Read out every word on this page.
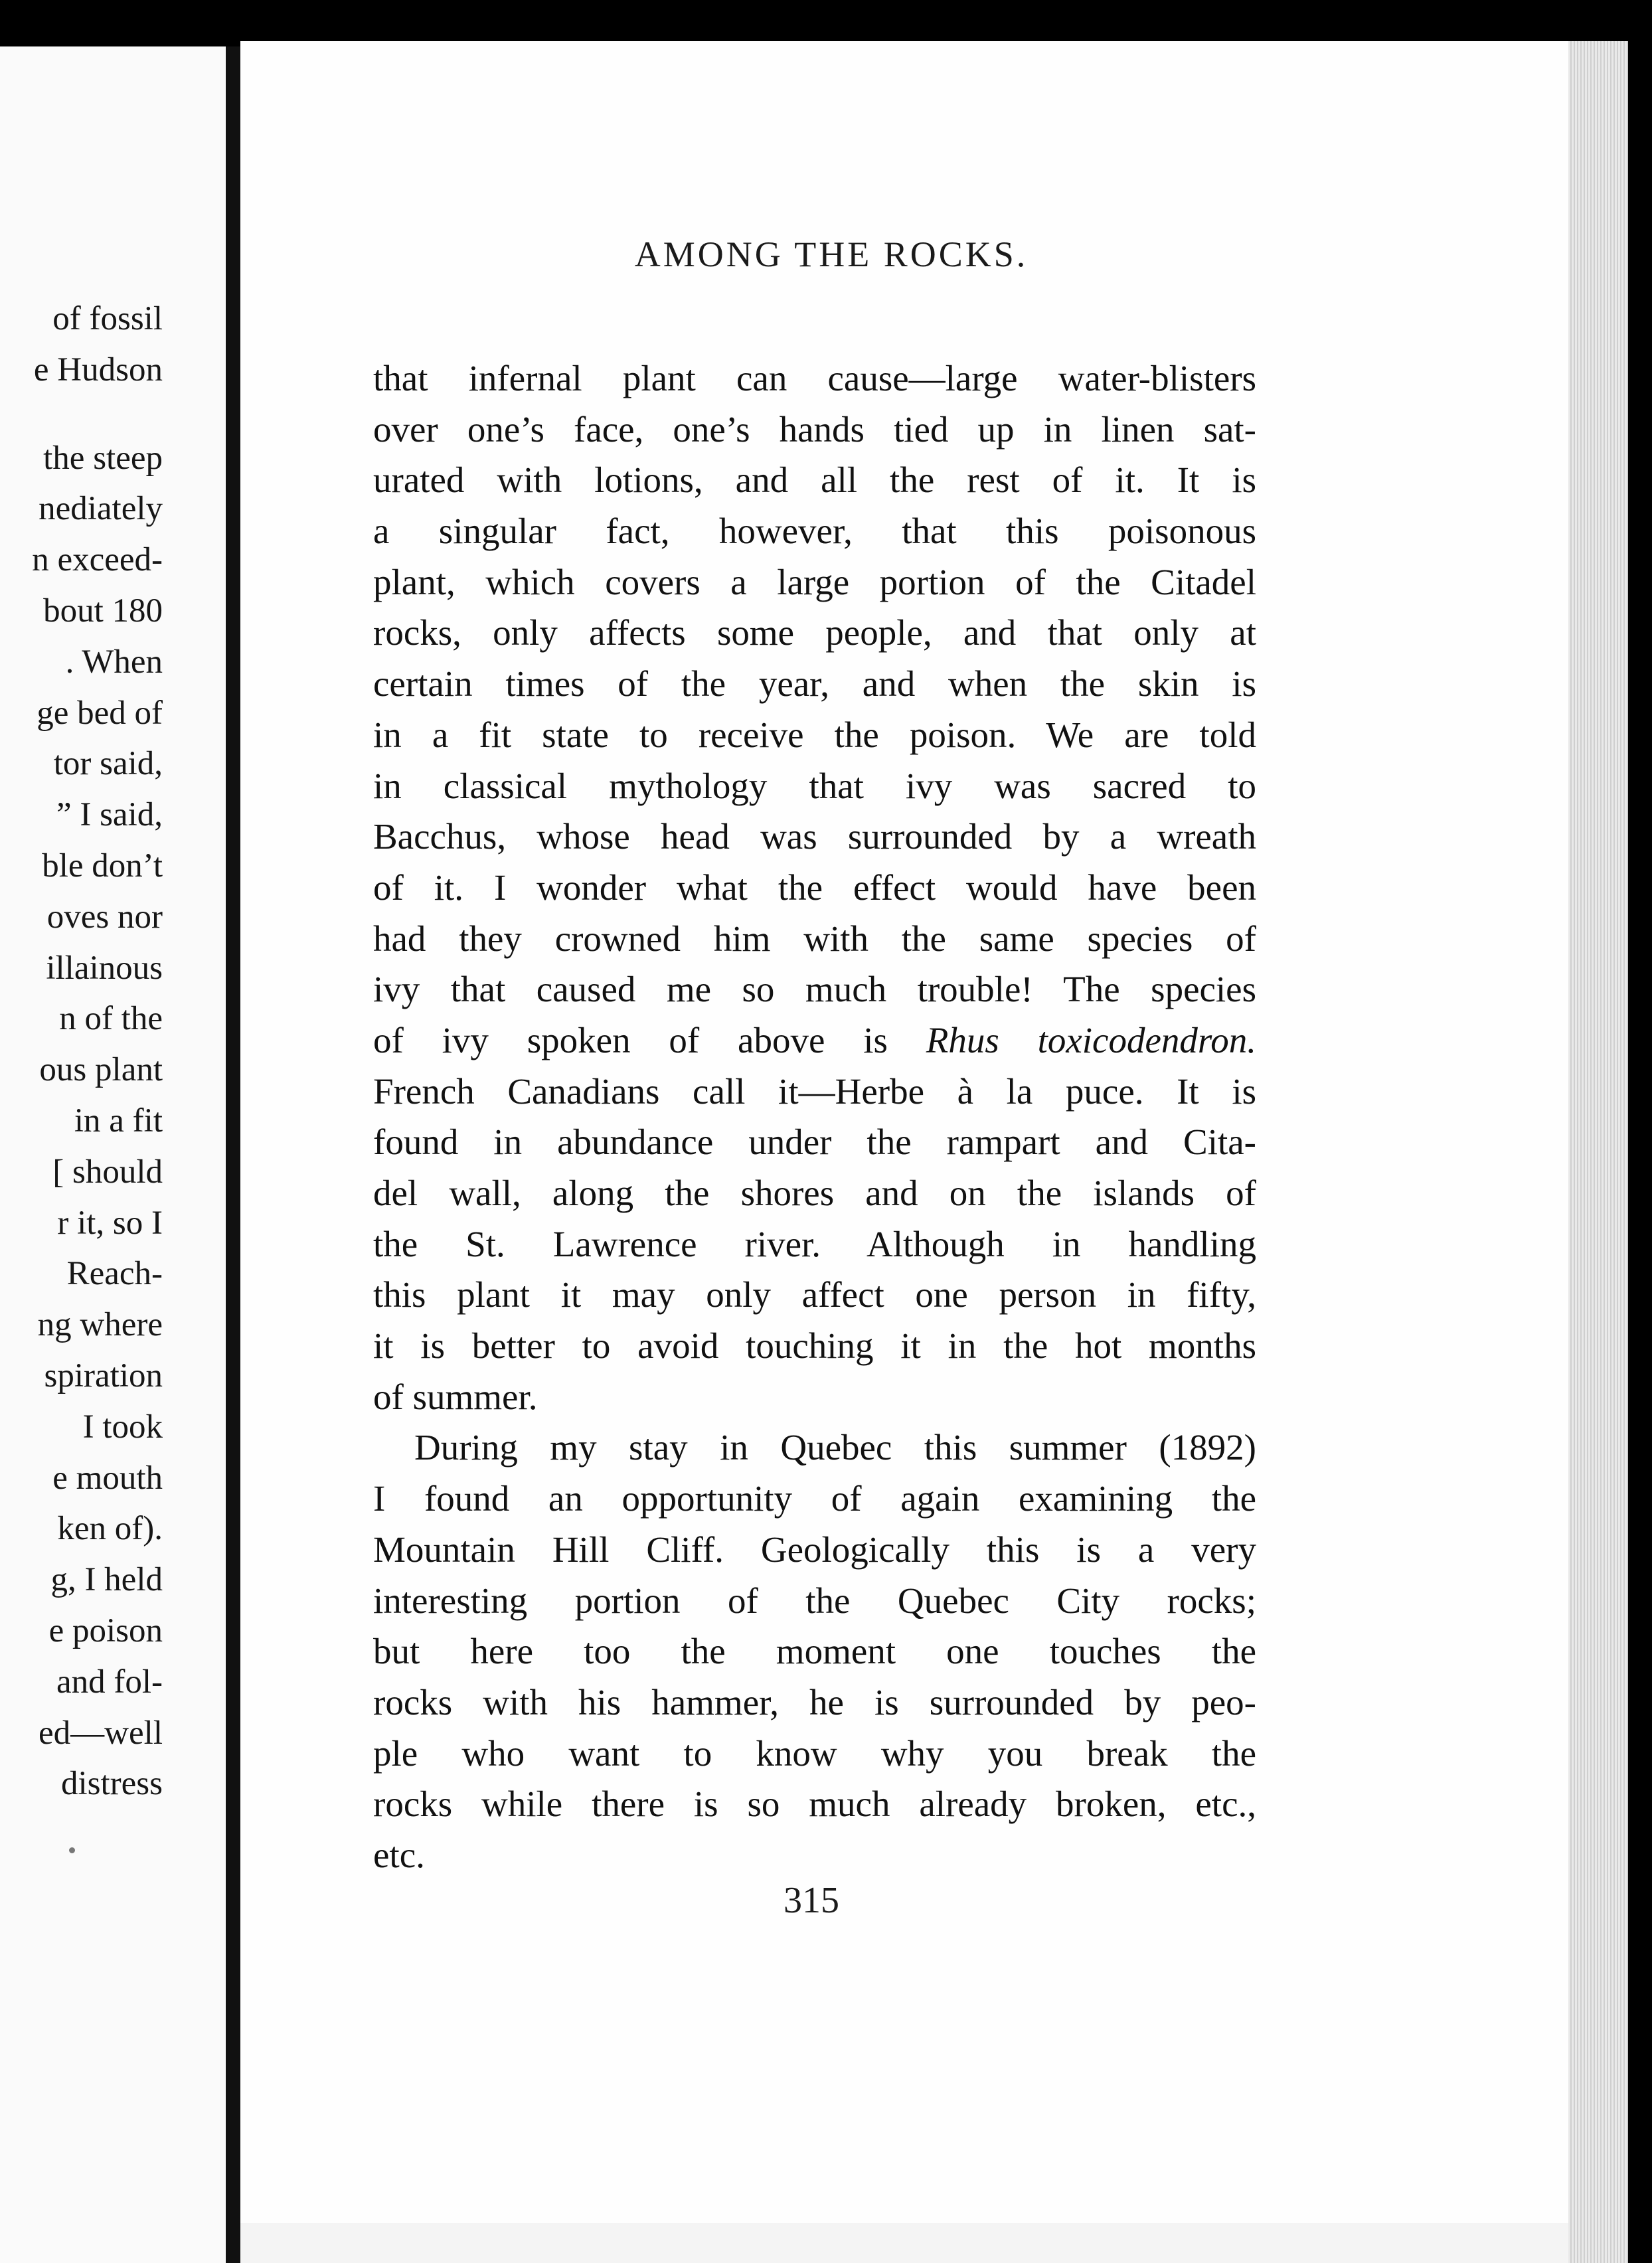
of fossil
e Hudson
the steep
nediately
n exceed-
bout 180
. When
ge bed of
tor said,
” I said,
ble don’t
oves nor
illainous
n of the
ous plant
in a fit
[ should
r it, so I
Reach-
ng where
spiration
I took
e mouth
ken of).
g, I held
e poison
and fol-
ed—well
distress
AMONG THE ROCKS.
that infernal plant can cause—large water-blisters
over one’s face, one’s hands tied up in linen sat-
urated with lotions, and all the rest of it. It is
a singular fact, however, that this poisonous
plant, which covers a large portion of the Citadel
rocks, only affects some people, and that only at
certain times of the year, and when the skin is
in a fit state to receive the poison. We are told
in classical mythology that ivy was sacred to
Bacchus, whose head was surrounded by a wreath
of it. I wonder what the effect would have been
had they crowned him with the same species of
ivy that caused me so much trouble! The species
of ivy spoken of above is Rhus toxicodendron.
French Canadians call it—Herbe à la puce. It is
found in abundance under the rampart and Cita-
del wall, along the shores and on the islands of
the St. Lawrence river. Although in handling
this plant it may only affect one person in fifty,
it is better to avoid touching it in the hot months
of summer.
During my stay in Quebec this summer (1892)
I found an opportunity of again examining the
Mountain Hill Cliff. Geologically this is a very
interesting portion of the Quebec City rocks;
but here too the moment one touches the
rocks with his hammer, he is surrounded by peo-
ple who want to know why you break the
rocks while there is so much already broken, etc.,
etc.
315
